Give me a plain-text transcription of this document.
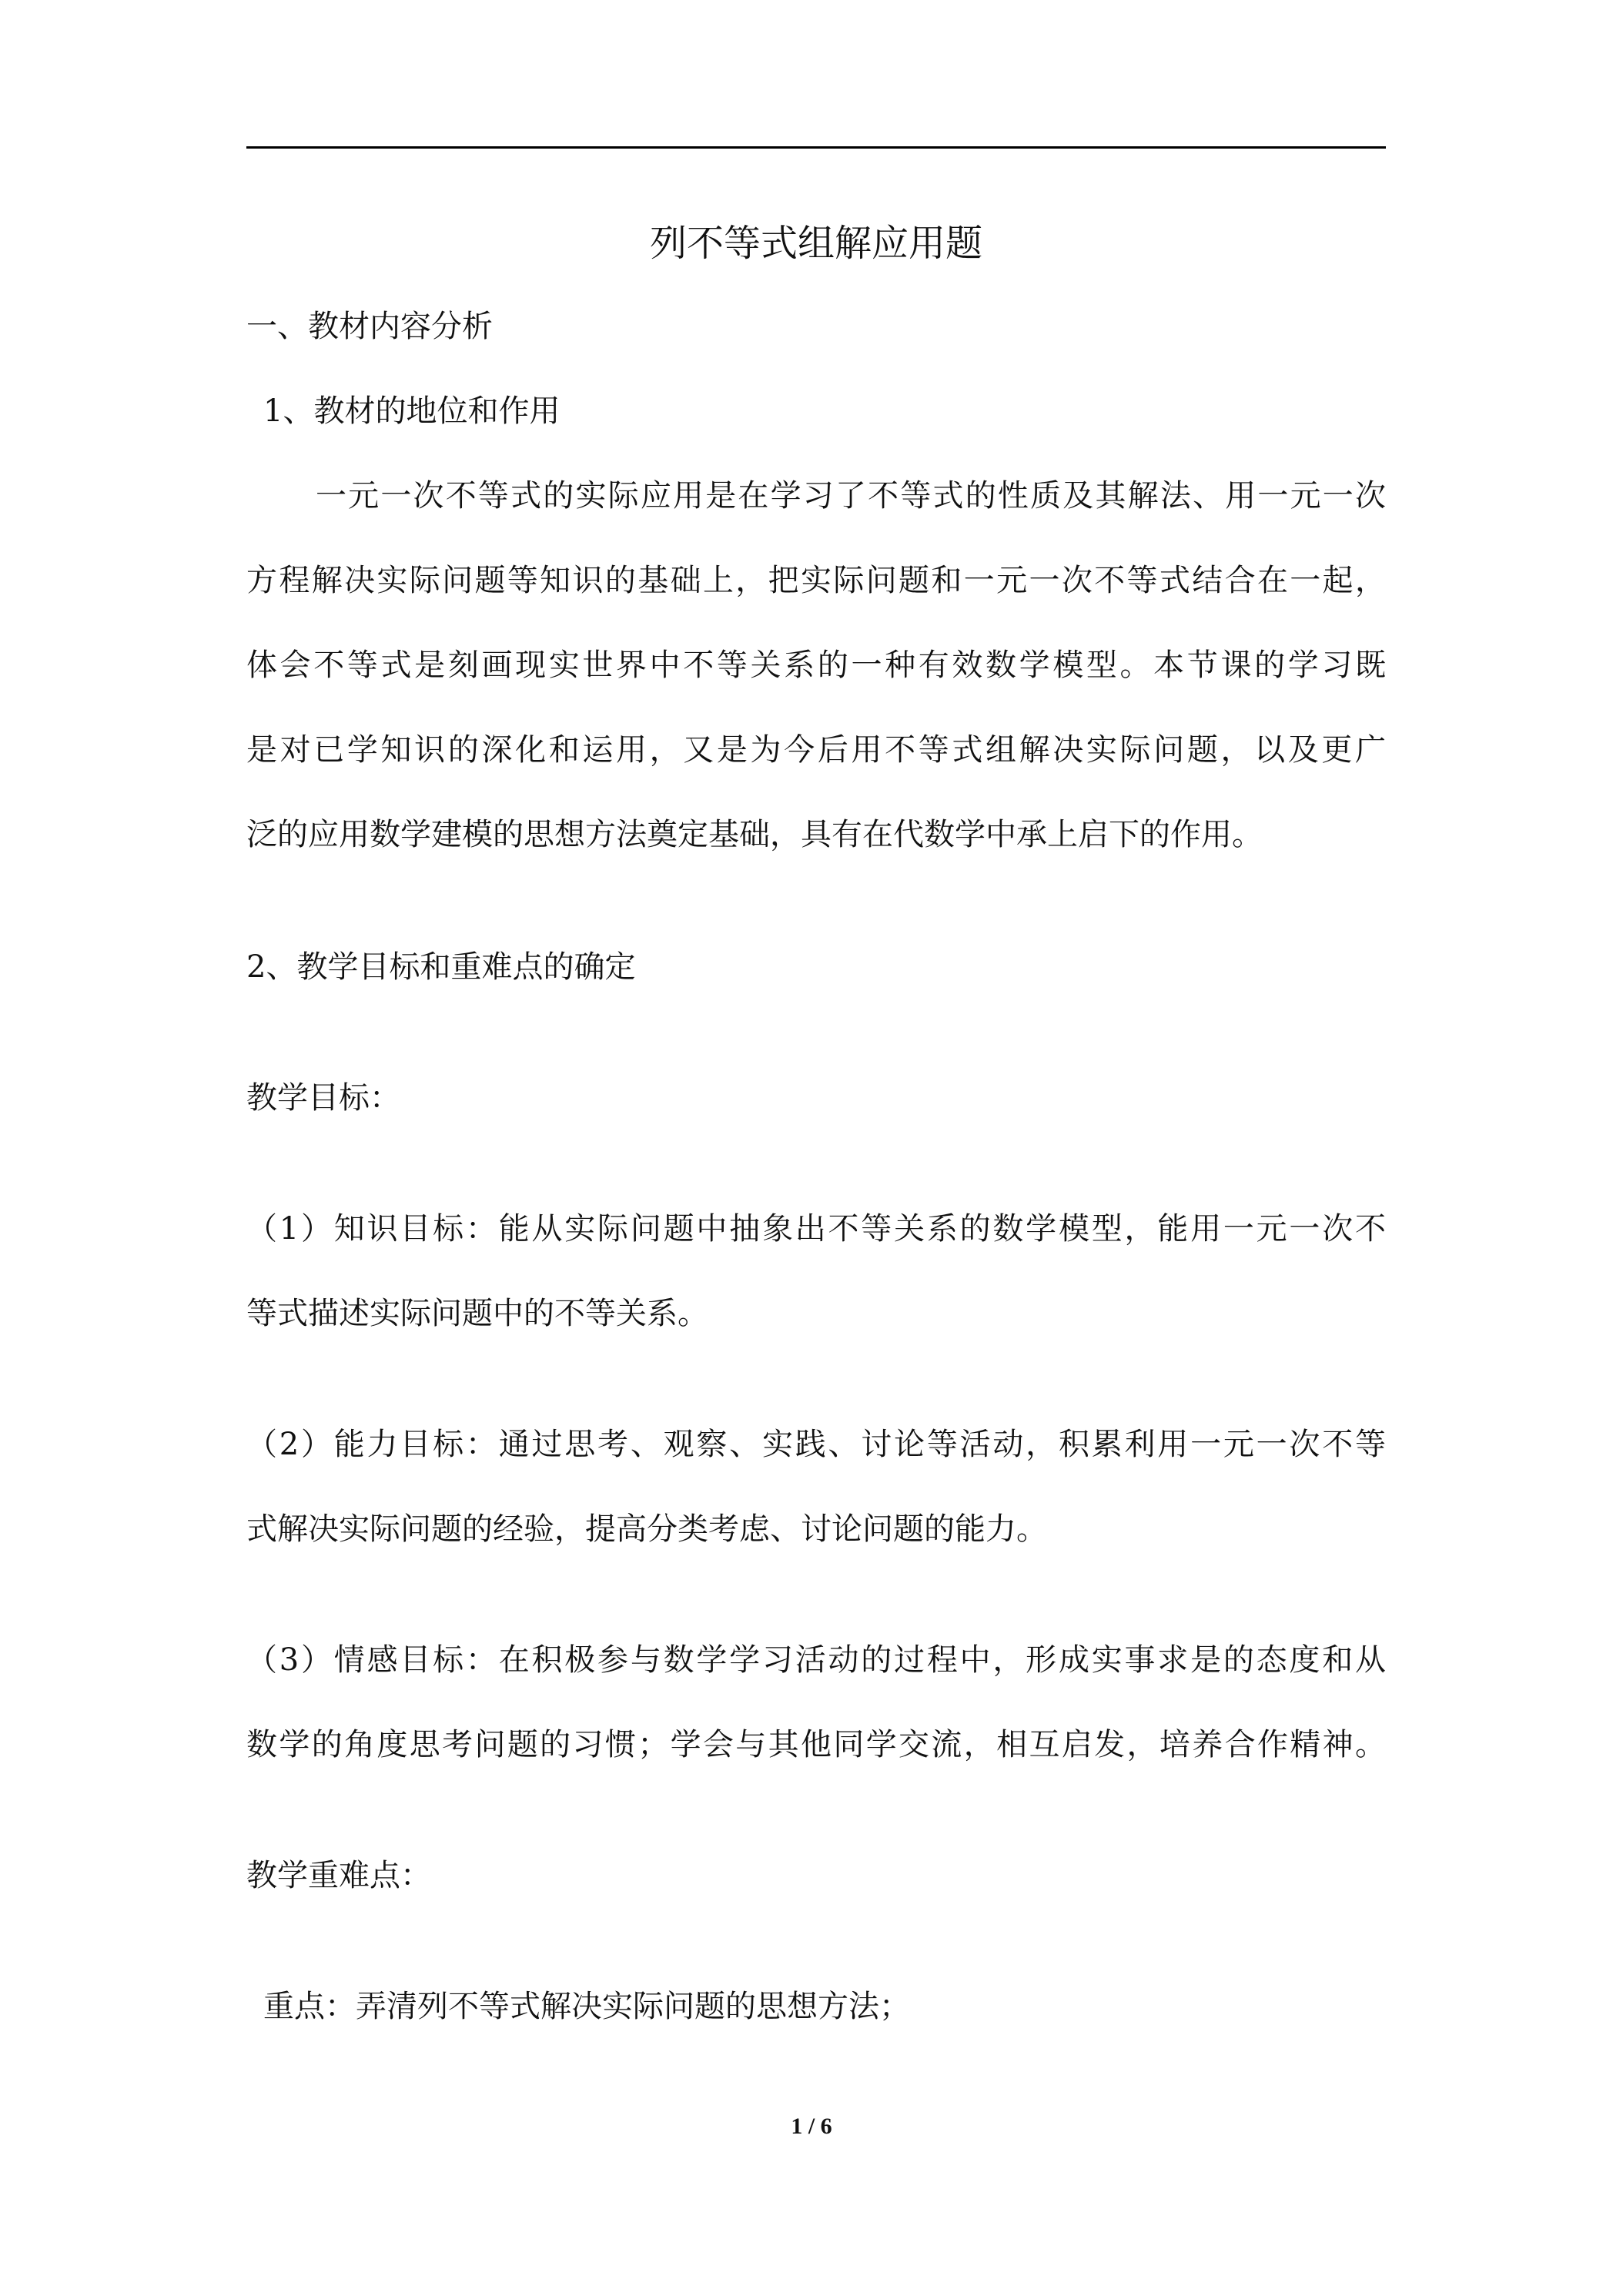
列不等式组解应用题
一、教材内容分析
1、教材的地位和作用
一元一次不等式的实际应用是在学习了不等式的性质及其解法、用一元一次
方程解决实际问题等知识的基础上，把实际问题和一元一次不等式结合在一起，
体会不等式是刻画现实世界中不等关系的一种有效数学模型。本节课的学习既
是对已学知识的深化和运用，又是为今后用不等式组解决实际问题，以及更广
泛的应用数学建模的思想方法奠定基础，具有在代数学中承上启下的作用。
2、教学目标和重难点的确定
教学目标：
（1）知识目标：能从实际问题中抽象出不等关系的数学模型，能用一元一次不
等式描述实际问题中的不等关系。
（2）能力目标：通过思考、观察、实践、讨论等活动，积累利用一元一次不等
式解决实际问题的经验，提高分类考虑、讨论问题的能力。
（3）情感目标：在积极参与数学学习活动的过程中，形成实事求是的态度和从
数学的角度思考问题的习惯；学会与其他同学交流，相互启发，培养合作精神。
教学重难点：
重点：弄清列不等式解决实际问题的思想方法；
1 / 6
